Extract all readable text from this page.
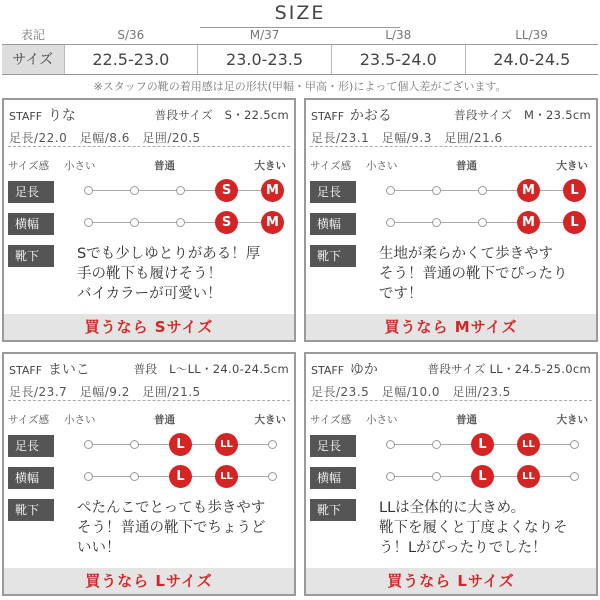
SIZE
表記	S/36	M/37	L/38	LL/39
サイズ	22.5-23.0	23.0-23.5	23.5-24.0	24.0-24.5
※スタッフの靴の着用感は足の形状(甲幅・甲高・形)によって個人差がございます。
STAFF りな	普段サイズ　S・22.5cm
足長/22.0　足幅/8.6　足囲/20.5
サイズ感 小さい	普通	大きい
足長	S	M
横幅	S	M
靴下	Sでも少しゆとりがある！厚
手の靴下も履けそう！
バイカラーが可愛い！
買うなら Sサイズ
STAFF かおる	普段サイズ　M・23.5cm
足長/23.1　足幅/9.3　足囲/21.6
サイズ感 小さい	普通	大きい
足長	M	L
横幅	M	L
靴下	生地が柔らかくて歩きやす
そう！普通の靴下でぴったり
です！
買うなら Mサイズ
STAFF まいこ	普段　L〜LL・24.0-24.5cm
足長/23.7　足幅/9.2　足囲/21.5
サイズ感 小さい	普通	大きい
足長	L	LL
横幅	L	LL
靴下	ぺたんこでとっても歩きやす
そう！普通の靴下でちょうど
いい！
買うなら Lサイズ
STAFF ゆか	普段サイズ LL・24.5-25.0cm
足長/23.5　足幅/10.0　足囲/23.5
サイズ感 小さい	普通	大きい
足長	L	LL
横幅	L	LL
靴下	LLは全体的に大きめ。
靴下を履くと丁度よくなりそ
う！Lがぴったりでした！
買うなら Lサイズ
